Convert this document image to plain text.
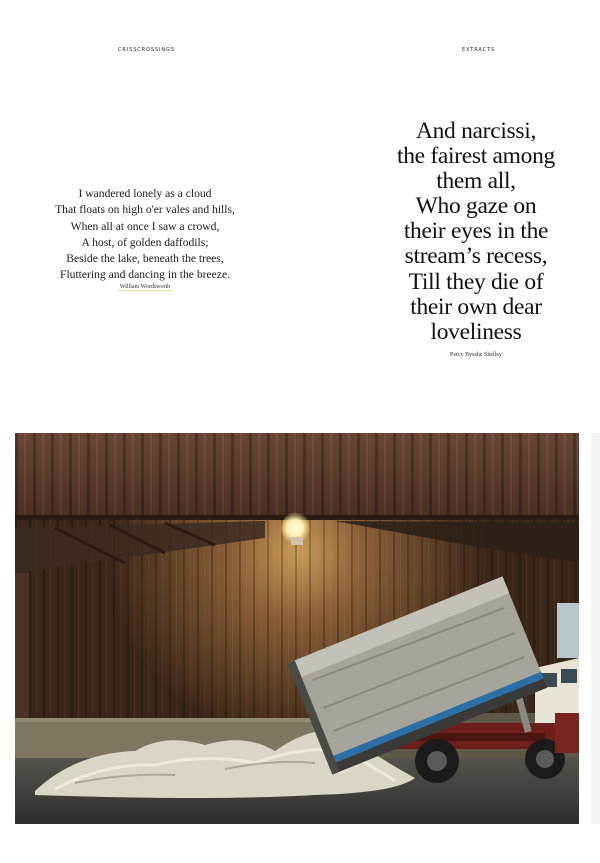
CRISSCROSSINGS	EXTRACTS
I wandered lonely as a cloud
That floats on high o'er vales and hills,
When all at once I saw a crowd,
A host, of golden daffodils;
Beside the lake, beneath the trees,
Fluttering and dancing in the breeze.
William Wordsworth
And narcissi,
the fairest among
them all,
Who gaze on
their eyes in the
stream’s recess,
Till they die of
their own dear
loveliness
Percy Bysshe Shelley
